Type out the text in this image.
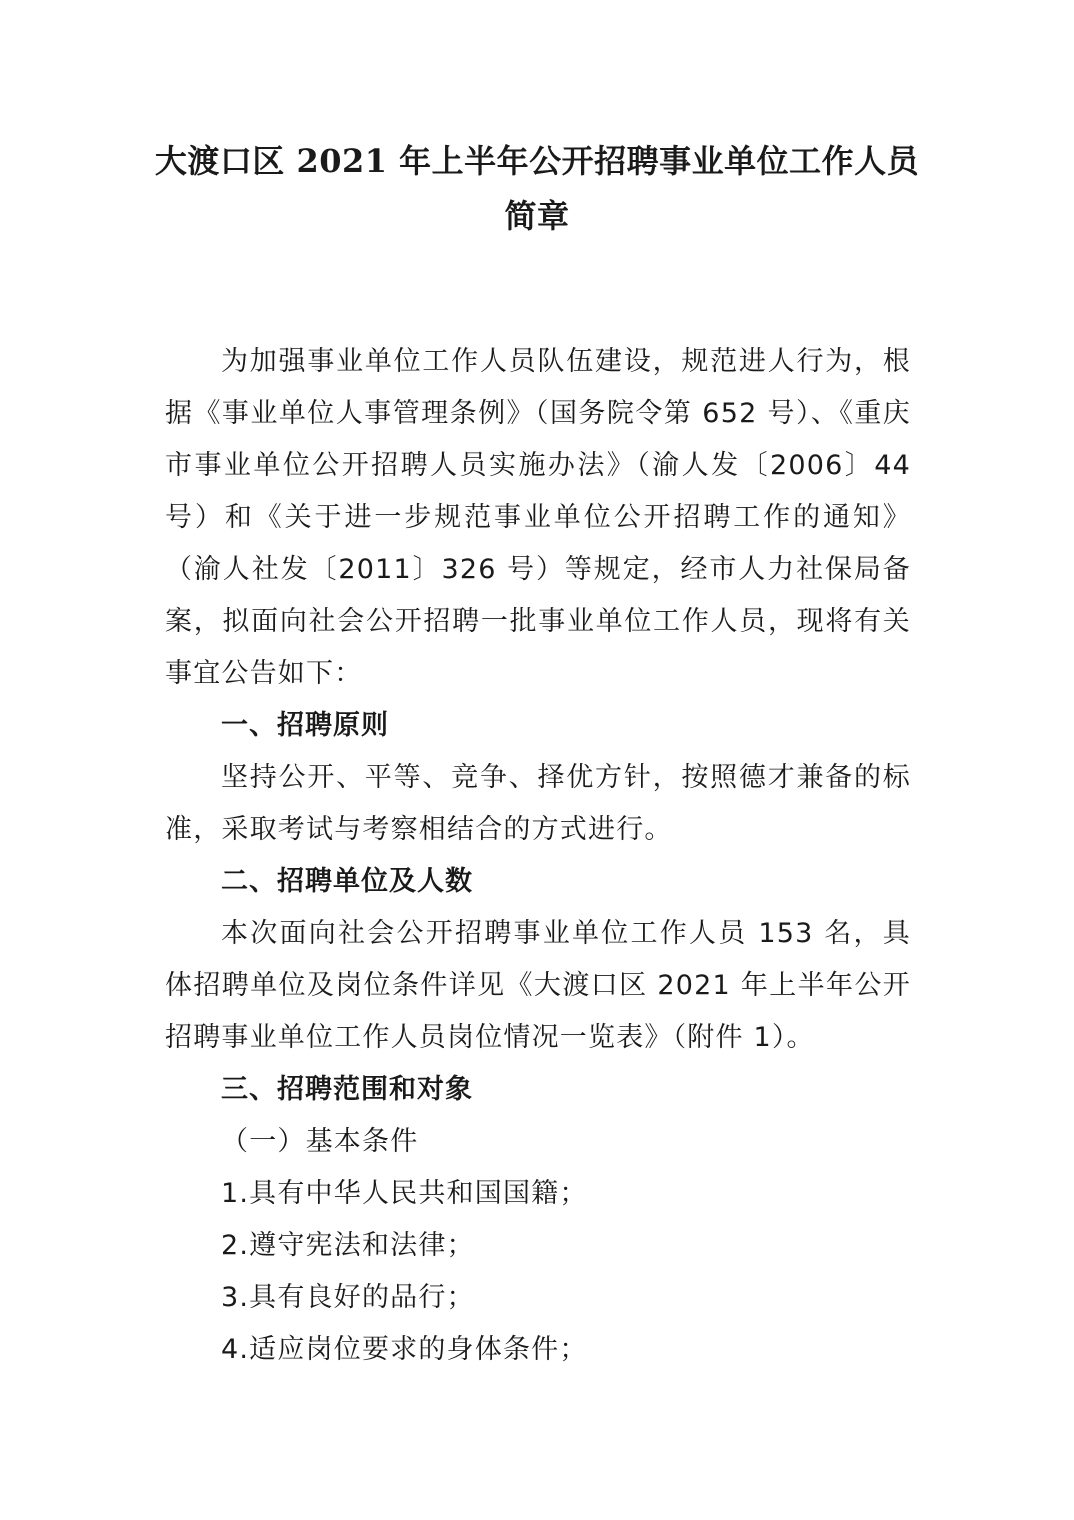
大渡口区 2021 年上半年公开招聘事业单位工作人员
简章

为加强事业单位工作人员队伍建设，规范进人行为，根据《事业单位人事管理条例》（国务院令第 652 号）、《重庆市事业单位公开招聘人员实施办法》（渝人发〔2006〕44号）和《关于进一步规范事业单位公开招聘工作的通知》（渝人社发〔2011〕326 号）等规定，经市人力社保局备案，拟面向社会公开招聘一批事业单位工作人员，现将有关事宜公告如下：

一、招聘原则

坚持公开、平等、竞争、择优方针，按照德才兼备的标准，采取考试与考察相结合的方式进行。

二、招聘单位及人数

本次面向社会公开招聘事业单位工作人员 153 名，具体招聘单位及岗位条件详见《大渡口区 2021 年上半年公开招聘事业单位工作人员岗位情况一览表》（附件 1）。

三、招聘范围和对象

（一）基本条件

1.具有中华人民共和国国籍；

2.遵守宪法和法律；

3.具有良好的品行；

4.适应岗位要求的身体条件；
